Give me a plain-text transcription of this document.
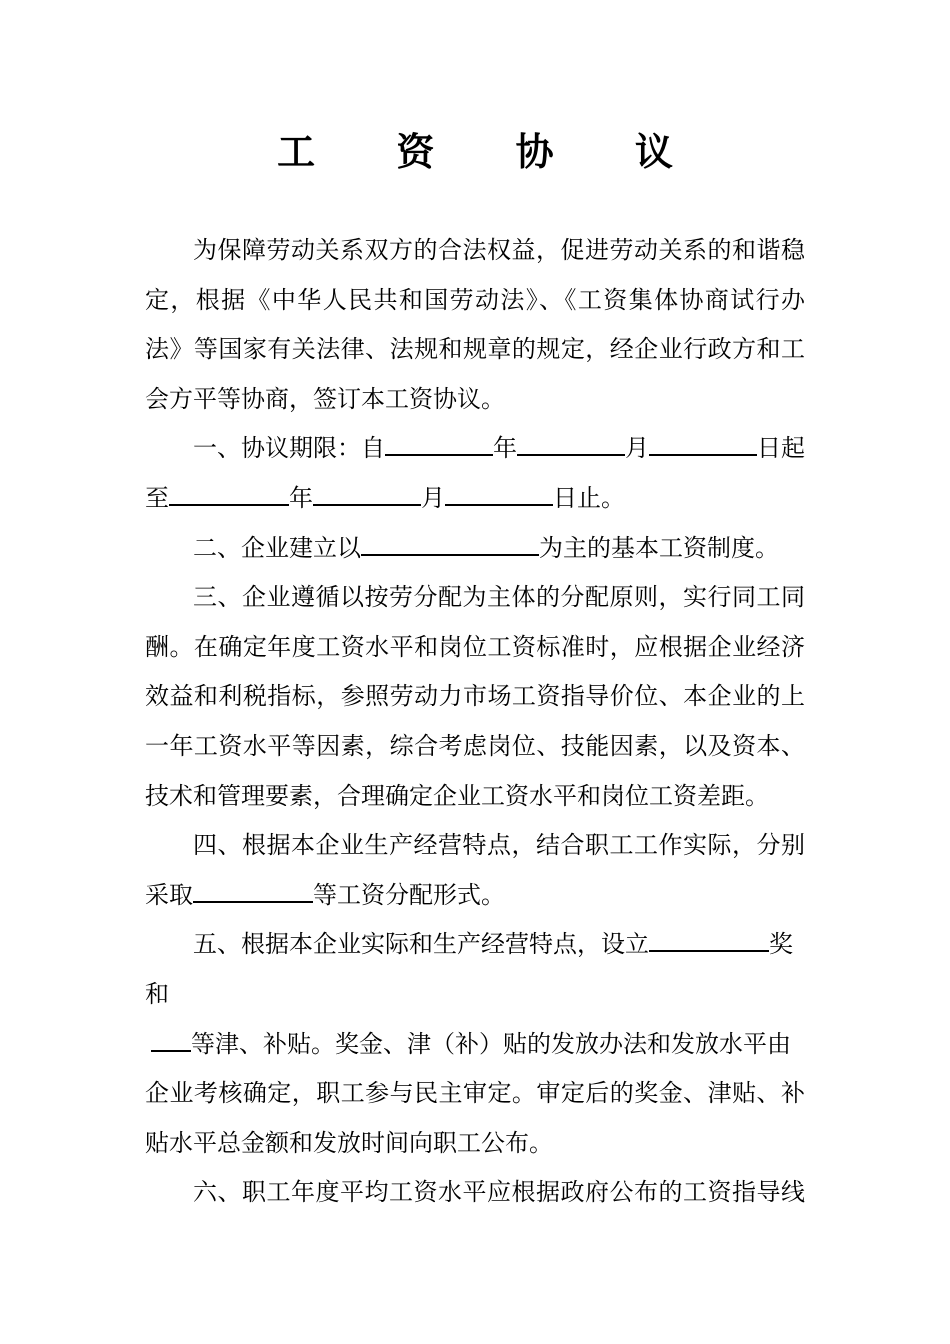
工 资 协 议
为保障劳动关系双方的合法权益，促进劳动关系的和谐稳
定，根据《中华人民共和国劳动法》、《工资集体协商试行办
法》等国家有关法律、法规和规章的规定，经企业行政方和工
会方平等协商，签订本工资协议。
一、协议期限：自	年	月	日起
至	年	月	日止。
二、企业建立以	为主的基本工资制度。
三、企业遵循以按劳分配为主体的分配原则，实行同工同
酬。在确定年度工资水平和岗位工资标准时，应根据企业经济
效益和利税指标，参照劳动力市场工资指导价位、本企业的上
一年工资水平等因素，综合考虑岗位、技能因素，以及资本、
技术和管理要素，合理确定企业工资水平和岗位工资差距。
四、根据本企业生产经营特点，结合职工工作实际，分别
采取	等工资分配形式。
五、根据本企业实际和生产经营特点，设立	奖
和
等津、补贴。奖金、津（补）贴的发放办法和发放水平由
企业考核确定，职工参与民主审定。审定后的奖金、津贴、补
贴水平总金额和发放时间向职工公布。
六、职工年度平均工资水平应根据政府公布的工资指导线
